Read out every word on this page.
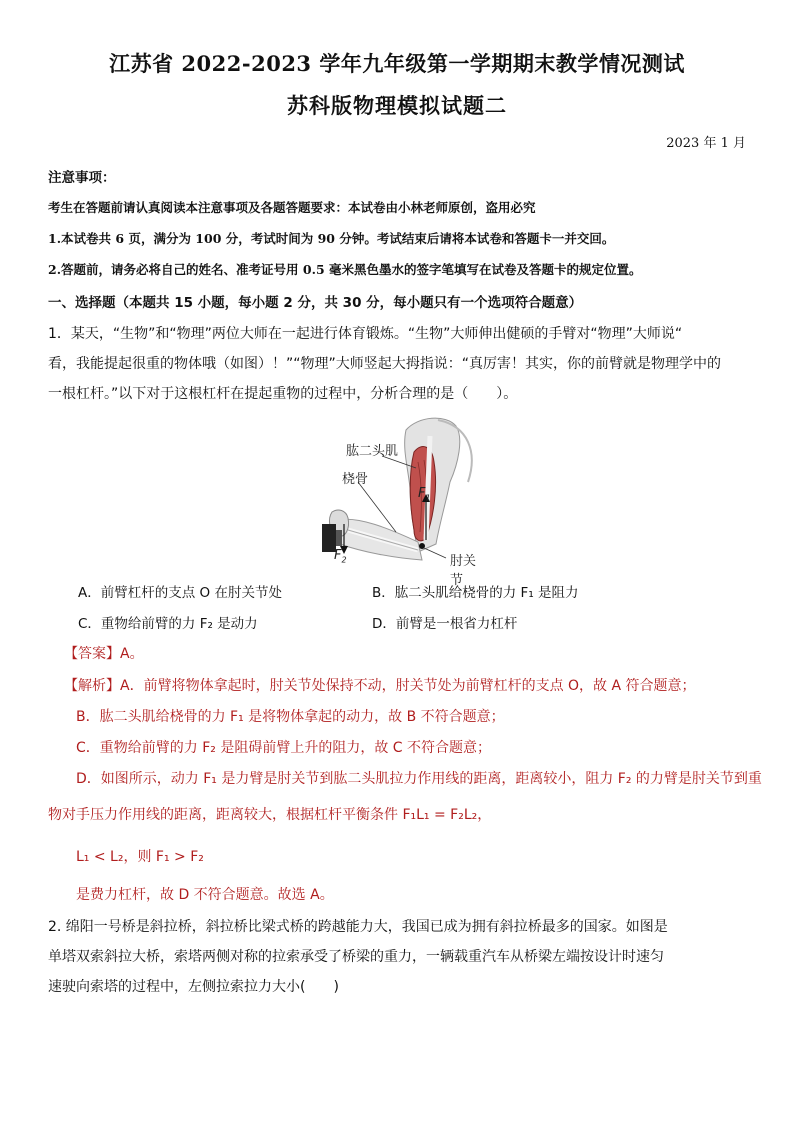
江苏省 2022-2023 学年九年级第一学期期末教学情况测试
苏科版物理模拟试题二
2023 年 1 月
注意事项：
考生在答题前请认真阅读本注意事项及各题答题要求：本试卷由小林老师原创，盗用必究
1.本试卷共 6 页，满分为 100 分，考试时间为 90 分钟。考试结束后请将本试卷和答题卡一并交回。
2.答题前，请务必将自己的姓名、准考证号用 0.5 毫米黑色墨水的签字笔填写在试卷及答题卡的规定位置。
一、选择题（本题共 15 小题，每小题 2 分，共 30 分，每小题只有一个选项符合题意）
1．某天，“生物”和“物理”两位大师在一起进行体育锻炼。“生物”大师伸出健硕的手臂对“物理”大师说“
看，我能提起很重的物体哦（如图）！”“物理”大师竖起大拇指说：“真厉害！其实，你的前臂就是物理学中的
一根杠杆。”以下对于这根杠杆在提起重物的过程中，分析合理的是（　　）。
肱二头肌
桡骨
$F_1$
$F_2$	肘关节
A．前臂杠杆的支点 O 在肘关节处	B．肱二头肌给桡骨的力 F₁ 是阻力
C．重物给前臂的力 F₂ 是动力	D．前臂是一根省力杠杆
【答案】A。
【解析】A．前臂将物体拿起时，肘关节处保持不动，肘关节处为前臂杠杆的支点 O，故 A 符合题意；
B．肱二头肌给桡骨的力 F₁ 是将物体拿起的动力，故 B 不符合题意；
C．重物给前臂的力 F₂ 是阻碍前臂上升的阻力，故 C 不符合题意；
D．如图所示，动力 F₁ 是力臂是肘关节到肱二头肌拉力作用线的距离，距离较小，阻力 F₂ 的力臂是肘关节到重
物对手压力作用线的距离，距离较大，根据杠杆平衡条件 F₁L₁ = F₂L₂，
L₁ < L₂，则 F₁ > F₂
是费力杠杆，故 D 不符合题意。故选 A。
2. 绵阳一号桥是斜拉桥，斜拉桥比梁式桥的跨越能力大，我国已成为拥有斜拉桥最多的国家。如图是
单塔双索斜拉大桥，索塔两侧对称的拉索承受了桥梁的重力，一辆载重汽车从桥梁左端按设计时速匀
速驶向索塔的过程中，左侧拉索拉力大小(　　)
